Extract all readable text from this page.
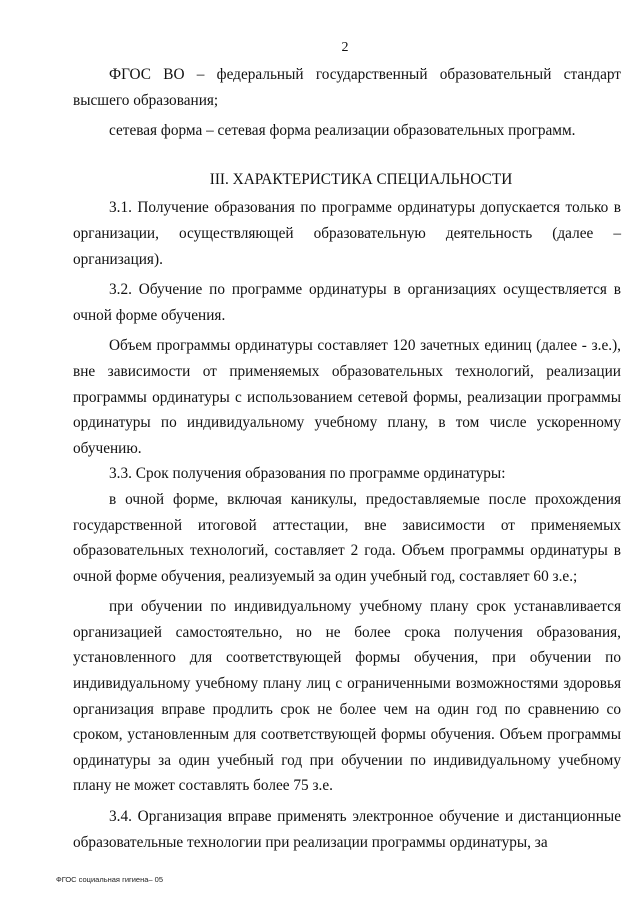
2

ФГОС ВО – федеральный государственный образовательный стандарт высшего образования;

сетевая форма – сетевая форма реализации образовательных программ.

III. ХАРАКТЕРИСТИКА СПЕЦИАЛЬНОСТИ

3.1. Получение образования по программе ординатуры допускается только в организации, осуществляющей образовательную деятельность (далее – организация).

3.2. Обучение по программе ординатуры в организациях осуществляется в очной форме обучения.

Объем программы ординатуры составляет 120 зачетных единиц (далее - з.е.), вне зависимости от применяемых образовательных технологий, реализации программы ординатуры с использованием сетевой формы, реализации программы ординатуры по индивидуальному учебному плану, в том числе ускоренному обучению.

3.3. Срок получения образования по программе ординатуры:

в очной форме, включая каникулы, предоставляемые после прохождения государственной итоговой аттестации, вне зависимости от применяемых образовательных технологий, составляет 2 года. Объем программы ординатуры в очной форме обучения, реализуемый за один учебный год, составляет 60 з.е.;

при обучении по индивидуальному учебному плану срок устанавливается организацией самостоятельно, но не более срока получения образования, установленного для соответствующей формы обучения, при обучении по индивидуальному учебному плану лиц с ограниченными возможностями здоровья организация вправе продлить срок не более чем на один год по сравнению со сроком, установленным для соответствующей формы обучения. Объем программы ординатуры за один учебный год при обучении по индивидуальному учебному плану не может составлять более 75 з.е.

3.4. Организация вправе применять электронное обучение и дистанционные образовательные технологии при реализации программы ординатуры, за

ФГОС социальная гигиена– 05
